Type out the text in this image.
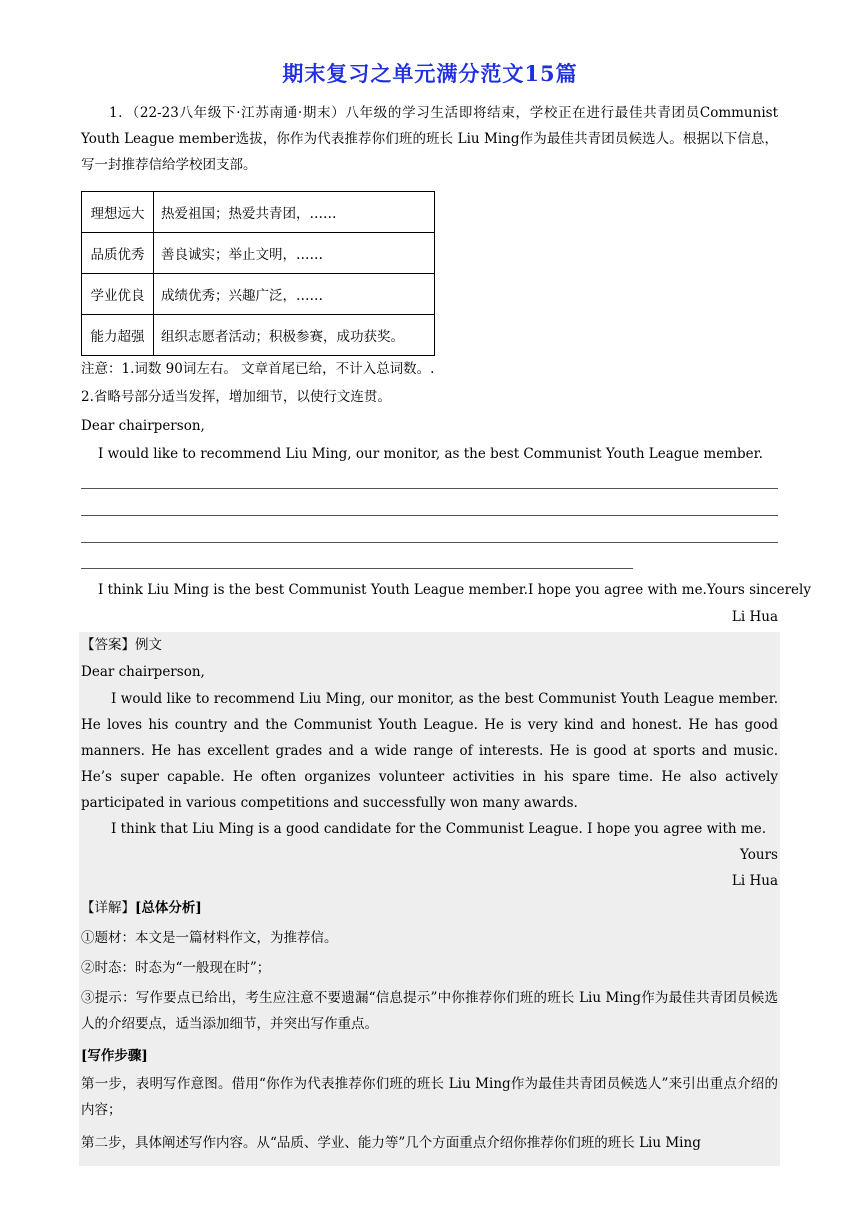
期末复习之单元满分范文15篇
1．（22-23八年级下·江苏南通·期末）八年级的学习生活即将结束，学校正在进行最佳共青团员Communist Youth League member选拔，你作为代表推荐你们班的班长 Liu Ming作为最佳共青团员候选人。根据以下信息，写一封推荐信给学校团支部。
理想远大	热爱祖国；热爱共青团，……
品质优秀	善良诚实；举止文明，……
学业优良	成绩优秀；兴趣广泛，……
能力超强	组织志愿者活动；积极参赛，成功获奖。
注意：1.词数 90词左右。 文章首尾已给，不计入总词数。.
2.省略号部分适当发挥，增加细节，以使行文连贯。
Dear chairperson,
I would like to recommend Liu Ming, our monitor, as the best Communist Youth League member.
I think Liu Ming is the best Communist Youth League member.I hope you agree with me.Yours sincerely
Li Hua
【答案】例文
Dear chairperson,
I would like to recommend Liu Ming, our monitor, as the best Communist Youth League member. He loves his country and the Communist Youth League. He is very kind and honest. He has good manners. He has excellent grades and a wide range of interests. He is good at sports and music. He’s super capable. He often organizes volunteer activities in his spare time. He also actively participated in various competitions and successfully won many awards.
I think that Liu Ming is a good candidate for the Communist League. I hope you agree with me.
Yours
Li Hua
【详解】[总体分析]
①题材：本文是一篇材料作文，为推荐信。
②时态：时态为“一般现在时”；
③提示：写作要点已给出，考生应注意不要遗漏“信息提示”中你推荐你们班的班长 Liu Ming作为最佳共青团员候选人的介绍要点，适当添加细节，并突出写作重点。
[写作步骤]
第一步，表明写作意图。借用“你作为代表推荐你们班的班长 Liu Ming作为最佳共青团员候选人”来引出重点介绍的内容；
第二步，具体阐述写作内容。从“品质、学业、能力等”几个方面重点介绍你推荐你们班的班长 Liu Ming
